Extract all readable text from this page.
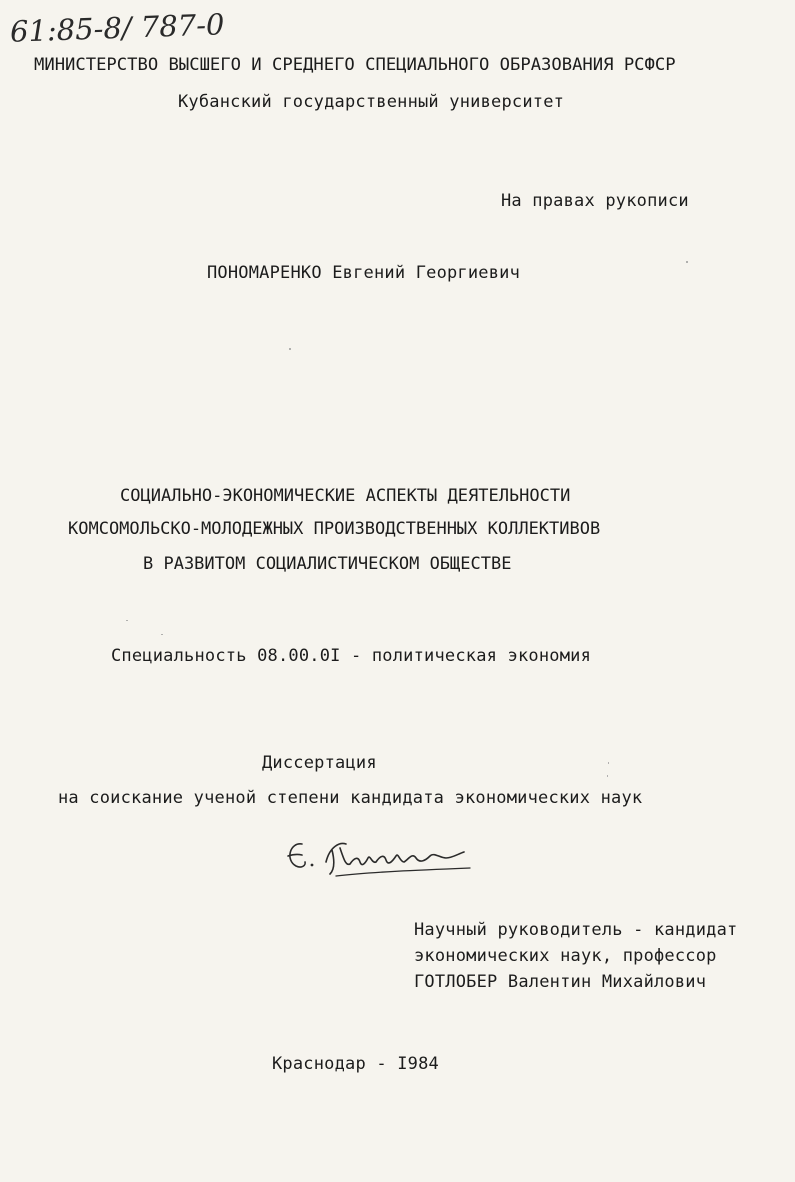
61:85-8/ 787-0
МИНИСТЕРСТВО ВЫСШЕГО И СРЕДНЕГО СПЕЦИАЛЬНОГО ОБРАЗОВАНИЯ РСФСР
Кубанский государственный университет
На правах рукописи
ПОНОМАРЕНКО Евгений Георгиевич
СОЦИАЛЬНО-ЭКОНОМИЧЕСКИЕ АСПЕКТЫ ДЕЯТЕЛЬНОСТИ
КОМСОМОЛЬСКО-МОЛОДЕЖНЫХ ПРОИЗВОДСТВЕННЫХ КОЛЛЕКТИВОВ
В РАЗВИТОМ СОЦИАЛИСТИЧЕСКОМ ОБЩЕСТВЕ
Специальность 08.00.0I - политическая экономия
Диссертация
на соискание ученой степени кандидата экономических наук
Научный руководитель - кандидат
экономических наук, профессор
ГОТЛОБЕР Валентин Михайлович
Краснодар - I984
